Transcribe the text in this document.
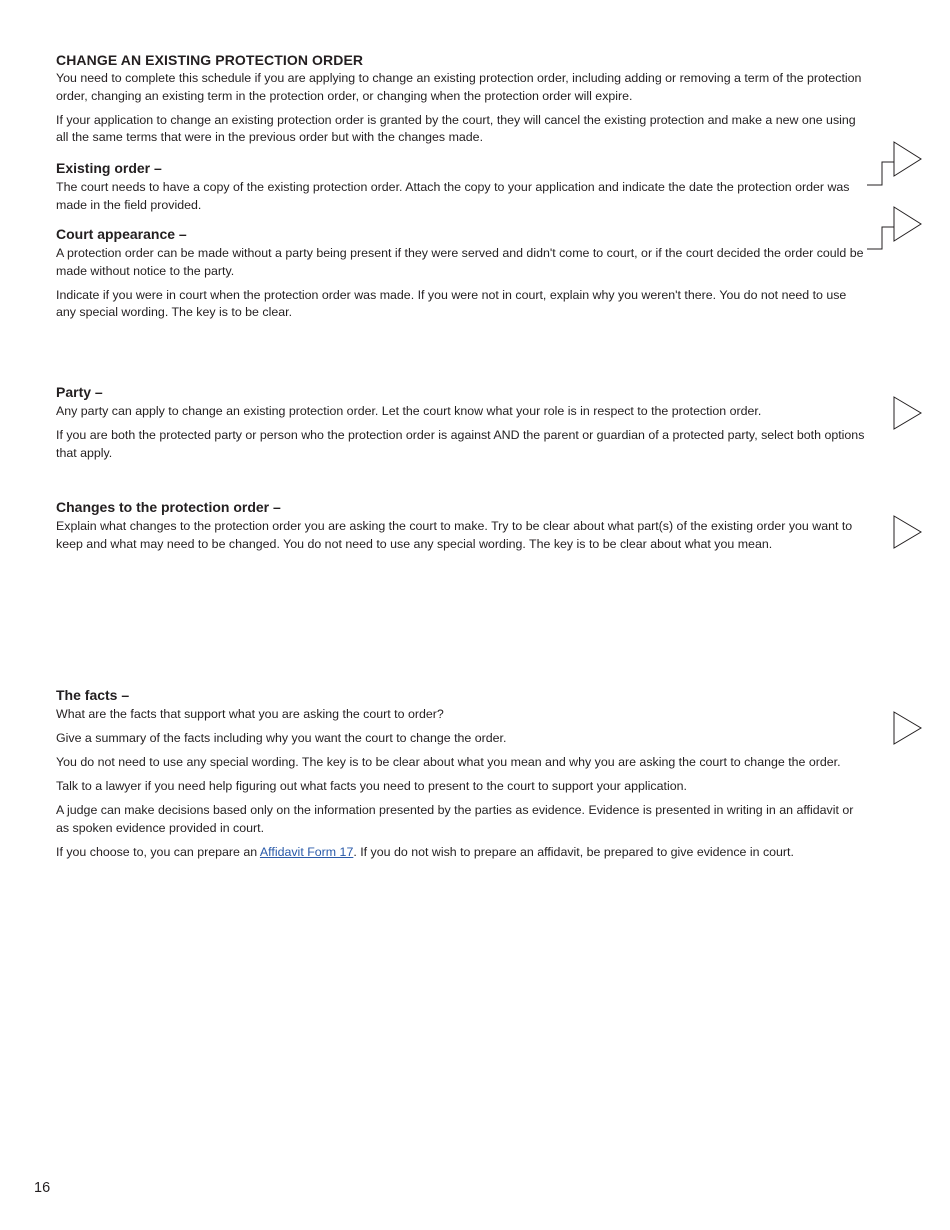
CHANGE AN EXISTING PROTECTION ORDER

You need to complete this schedule if you are applying to change an existing protection order, including adding or removing a term of the protection order, changing an existing term in the protection order, or changing when the protection order will expire.

If your application to change an existing protection order is granted by the court, they will cancel the existing protection and make a new one using all the same terms that were in the previous order but with the changes made.

Existing order –

The court needs to have a copy of the existing protection order. Attach the copy to your application and indicate the date the protection order was made in the field provided.

Court appearance –

A protection order can be made without a party being present if they were served and didn't come to court, or if the court decided the order could be made without notice to the party.

Indicate if you were in court when the protection order was made. If you were not in court, explain why you weren't there. You do not need to use any special wording. The key is to be clear.

Party –

Any party can apply to change an existing protection order. Let the court know what your role is in respect to the protection order.

If you are both the protected party or person who the protection order is against AND the parent or guardian of a protected party, select both options that apply.

Changes to the protection order –

Explain what changes to the protection order you are asking the court to make. Try to be clear about what part(s) of the existing order you want to keep and what may need to be changed. You do not need to use any special wording. The key is to be clear about what you mean.

The facts –

What are the facts that support what you are asking the court to order?

Give a summary of the facts including why you want the court to change the order.

You do not need to use any special wording. The key is to be clear about what you mean and why you are asking the court to change the order.

Talk to a lawyer if you need help figuring out what facts you need to present to the court to support your application.

A judge can make decisions based only on the information presented by the parties as evidence. Evidence is presented in writing in an affidavit or as spoken evidence provided in court.

If you choose to, you can prepare an Affidavit Form 17. If you do not wish to prepare an affidavit, be prepared to give evidence in court.

16
